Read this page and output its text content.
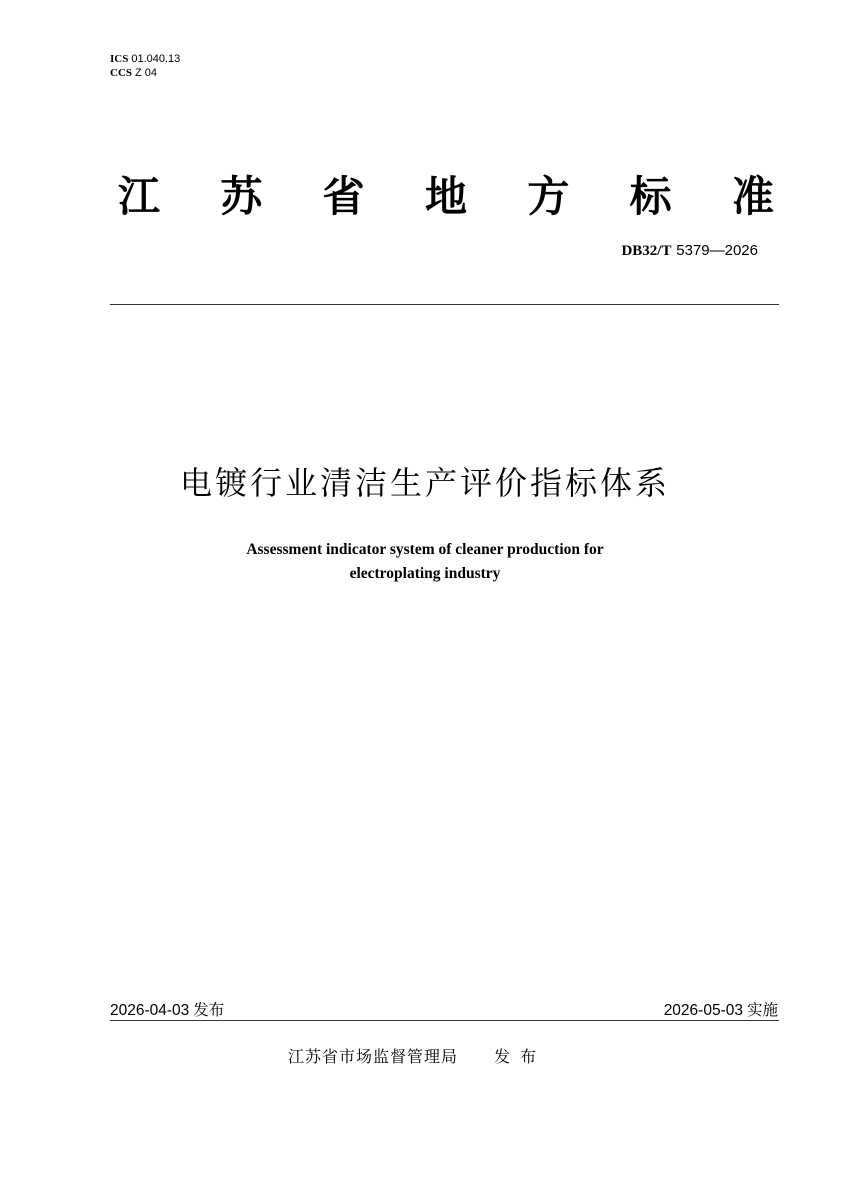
ICS 01.040.13
CCS Z 04
江 苏 省 地 方 标 准
DB32/T 5379—2026
电镀行业清洁生产评价指标体系
Assessment indicator system of cleaner production for
electroplating industry
2026-04-03 发布	2026-05-03 实施
江苏省市场监督管理局 发布
